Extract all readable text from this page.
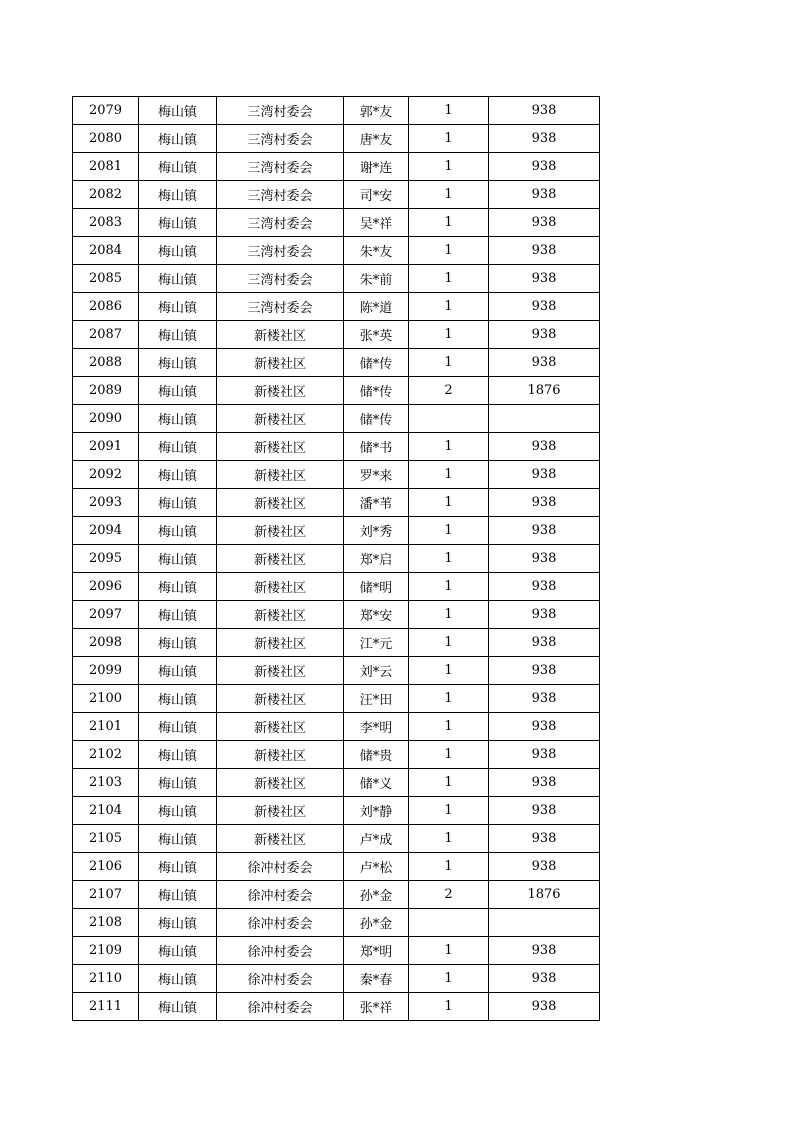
2079	梅山镇	三湾村委会	郭*友	1	938
2080	梅山镇	三湾村委会	唐*友	1	938
2081	梅山镇	三湾村委会	谢*连	1	938
2082	梅山镇	三湾村委会	司*安	1	938
2083	梅山镇	三湾村委会	吴*祥	1	938
2084	梅山镇	三湾村委会	朱*友	1	938
2085	梅山镇	三湾村委会	朱*前	1	938
2086	梅山镇	三湾村委会	陈*道	1	938
2087	梅山镇	新楼社区	张*英	1	938
2088	梅山镇	新楼社区	储*传	1	938
2089	梅山镇	新楼社区	储*传	2	1876
2090	梅山镇	新楼社区	储*传		
2091	梅山镇	新楼社区	储*书	1	938
2092	梅山镇	新楼社区	罗*来	1	938
2093	梅山镇	新楼社区	潘*苇	1	938
2094	梅山镇	新楼社区	刘*秀	1	938
2095	梅山镇	新楼社区	郑*启	1	938
2096	梅山镇	新楼社区	储*明	1	938
2097	梅山镇	新楼社区	郑*安	1	938
2098	梅山镇	新楼社区	江*元	1	938
2099	梅山镇	新楼社区	刘*云	1	938
2100	梅山镇	新楼社区	汪*田	1	938
2101	梅山镇	新楼社区	李*明	1	938
2102	梅山镇	新楼社区	储*贵	1	938
2103	梅山镇	新楼社区	储*义	1	938
2104	梅山镇	新楼社区	刘*静	1	938
2105	梅山镇	新楼社区	卢*成	1	938
2106	梅山镇	徐冲村委会	卢*松	1	938
2107	梅山镇	徐冲村委会	孙*金	2	1876
2108	梅山镇	徐冲村委会	孙*金		
2109	梅山镇	徐冲村委会	郑*明	1	938
2110	梅山镇	徐冲村委会	秦*春	1	938
2111	梅山镇	徐冲村委会	张*祥	1	938
